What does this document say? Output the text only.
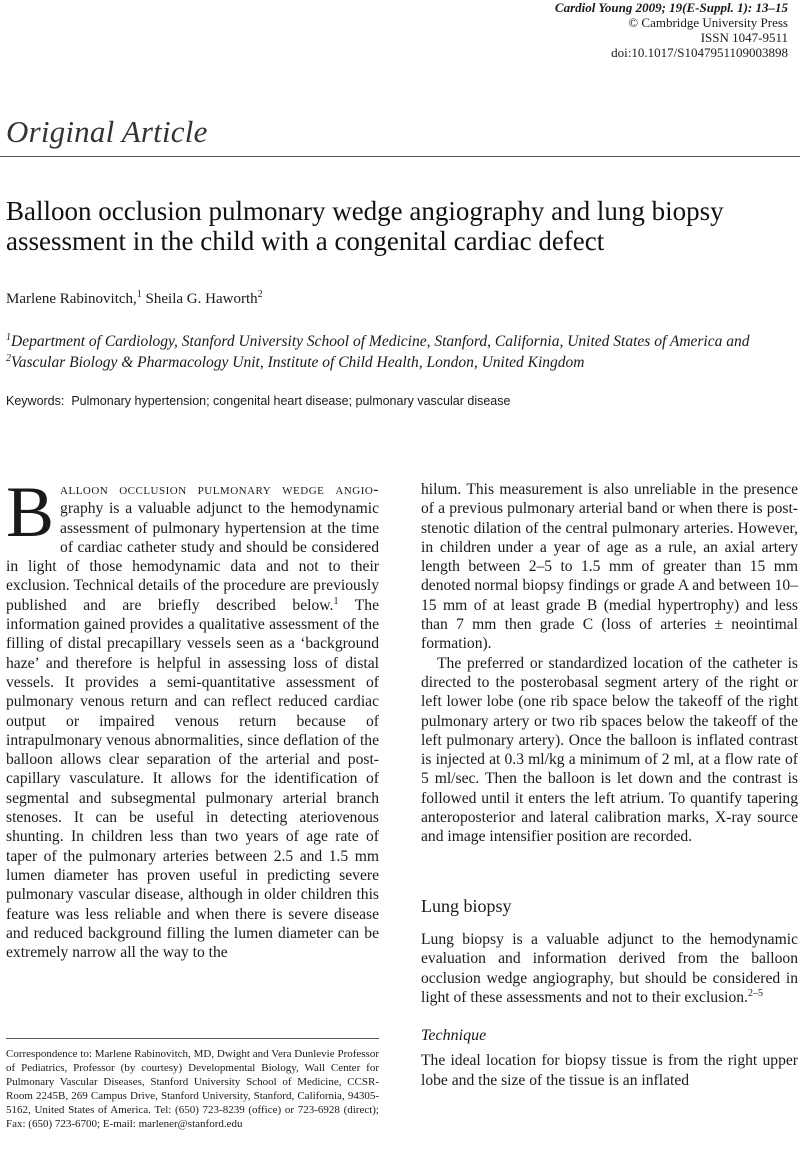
Cardiol Young 2009; 19(E-Suppl. 1): 13–15
© Cambridge University Press
ISSN 1047-9511
doi:10.1017/S1047951109003898
Original Article
Balloon occlusion pulmonary wedge angiography and lung biopsy assessment in the child with a congenital cardiac defect
Marlene Rabinovitch,$^1$ Sheila G. Haworth$^2$
$^1$Department of Cardiology, Stanford University School of Medicine, Stanford, California, United States of America and $^2$Vascular Biology & Pharmacology Unit, Institute of Child Health, London, United Kingdom
Keywords: Pulmonary hypertension; congenital heart disease; pulmonary vascular disease

Balloon occlusion pulmonary wedge angio- graphy is a valuable adjunct to the hemodynamic assessment of pulmonary hypertension at the time of cardiac catheter study and should be considered in light of those hemodynamic data and not to their exclusion. Technical details of the procedure are previously published and are briefly described below.$^1$ The information gained provides a qualitative assessment of the filling of distal precapillary vessels seen as a ‘background haze’ and therefore is helpful in assessing loss of distal vessels. It provides a semi-quantitative assessment of pulmonary venous return and can reflect reduced cardiac output or impaired venous return because of intrapulmonary venous abnormalities, since deflation of the balloon allows clear separation of the arterial and post-capillary vasculature. It allows for the identification of segmental and subsegmental pulmonary arterial branch stenoses. It can be useful in detecting ateriovenous shunting. In children less than two years of age rate of taper of the pulmonary arteries between 2.5 and 1.5 mm lumen diameter has proven useful in predicting severe pulmonary vascular disease, although in older children this feature was less reliable and when there is severe disease and reduced background filling the lumen diameter can be extremely narrow all the way to the

hilum. This measurement is also unreliable in the presence of a previous pulmonary arterial band or when there is post-stenotic dilation of the central pulmonary arteries. However, in children under a year of age as a rule, an axial artery length between 2–5 to 1.5 mm of greater than 15 mm denoted normal biopsy findings or grade A and between 10–15 mm of at least grade B (medial hypertrophy) and less than 7 mm then grade C (loss of arteries ± neointimal formation).

The preferred or standardized location of the catheter is directed to the posterobasal segment artery of the right or left lower lobe (one rib space below the takeoff of the right pulmonary artery or two rib spaces below the takeoff of the left pulmonary artery). Once the balloon is inflated contrast is injected at 0.3 ml/kg a minimum of 2 ml, at a flow rate of 5 ml/sec. Then the balloon is let down and the contrast is followed until it enters the left atrium. To quantify tapering anteroposterior and lateral calibration marks, X-ray source and image intensifier position are recorded.

Lung biopsy

Lung biopsy is a valuable adjunct to the hemodynamic evaluation and information derived from the balloon occlusion wedge angiography, but should be considered in light of these assessments and not to their exclusion.$^{2-5}$

Technique

The ideal location for biopsy tissue is from the right upper lobe and the size of the tissue is an inflated

Correspondence to: Marlene Rabinovitch, MD, Dwight and Vera Dunlevie Professor of Pediatrics, Professor (by courtesy) Developmental Biology, Wall Center for Pulmonary Vascular Diseases, Stanford University School of Medicine, CCSR-Room 2245B, 269 Campus Drive, Stanford University, Stanford, California, 94305-5162, United States of America. Tel: (650) 723-8239 (office) or 723-6928 (direct); Fax: (650) 723-6700; E-mail: marlener@stanford.edu
